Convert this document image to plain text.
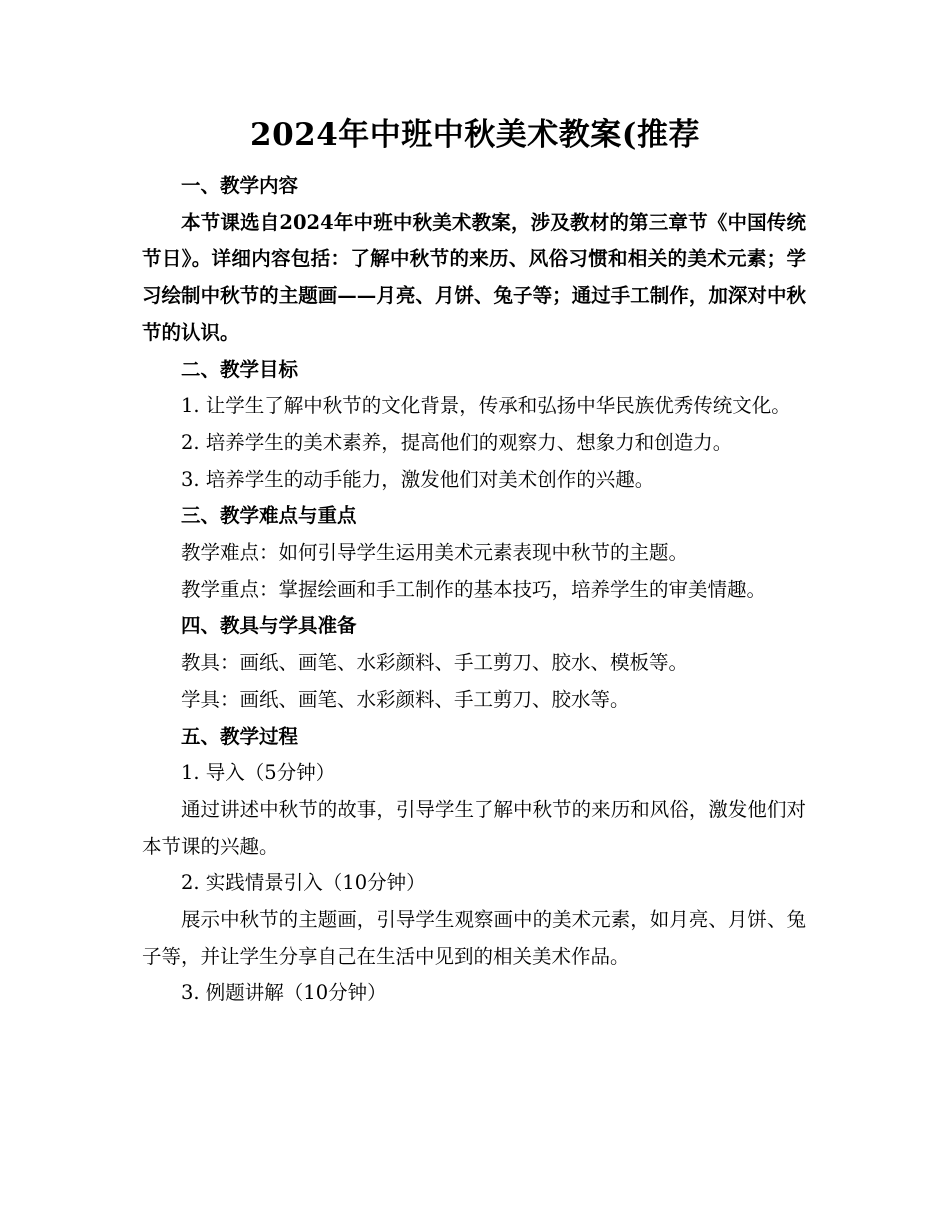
2024年中班中秋美术教案(推荐

一、教学内容

本节课选自2024年中班中秋美术教案，涉及教材的第三章节《中国传统节日》。详细内容包括：了解中秋节的来历、风俗习惯和相关的美术元素；学习绘制中秋节的主题画——月亮、月饼、兔子等；通过手工制作，加深对中秋节的认识。

二、教学目标

1. 让学生了解中秋节的文化背景，传承和弘扬中华民族优秀传统文化。

2. 培养学生的美术素养，提高他们的观察力、想象力和创造力。

3. 培养学生的动手能力，激发他们对美术创作的兴趣。

三、教学难点与重点

教学难点：如何引导学生运用美术元素表现中秋节的主题。

教学重点：掌握绘画和手工制作的基本技巧，培养学生的审美情趣。

四、教具与学具准备

教具：画纸、画笔、水彩颜料、手工剪刀、胶水、模板等。

学具：画纸、画笔、水彩颜料、手工剪刀、胶水等。

五、教学过程

1. 导入（5分钟）

通过讲述中秋节的故事，引导学生了解中秋节的来历和风俗，激发他们对本节课的兴趣。

2. 实践情景引入（10分钟）

展示中秋节的主题画，引导学生观察画中的美术元素，如月亮、月饼、兔子等，并让学生分享自己在生活中见到的相关美术作品。

3. 例题讲解（10分钟）
